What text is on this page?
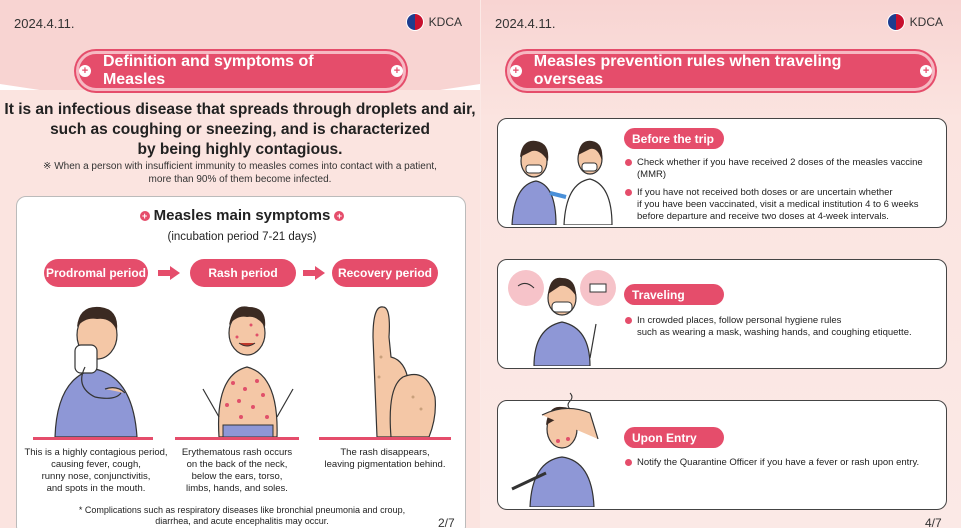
2024.4.11.	KDCA
+
Definition and symptoms of Measles	+
It is an infectious disease that spreads through droplets and air,
such as coughing or sneezing, and is characterized
by being highly contagious.
※ When a person with insufficient immunity to measles comes into contact with a patient,
more than 90% of them become infected.
+ Measles main symptoms +
(incubation period 7-21 days)
Prodromal period	Rash period	Recovery period
This is a highly contagious period,
causing fever, cough,
runny nose, conjunctivitis,
and spots in the mouth.
Erythematous rash occurs
on the back of the neck,
below the ears, torso,
limbs, hands, and soles.
The rash disappears,
leaving pigmentation behind.
* Complications such as respiratory diseases like bronchial pneumonia and croup,
diarrhea, and acute encephalitis may occur.	2/7
2024.4.11.	KDCA
+
Measles prevention rules when traveling overseas	+
Before the trip
Check whether if you have received 2 doses of the measles vaccine (MMR)
If you have not received both doses or are uncertain whether
if you have been vaccinated, visit a medical institution 4 to 6 weeks
before departure and receive two doses at 4-week intervals.
Traveling
In crowded places, follow personal hygiene rules
such as wearing a mask, washing hands, and coughing etiquette.
Upon Entry
Notify the Quarantine Officer if you have a fever or rash upon entry.
4/7
